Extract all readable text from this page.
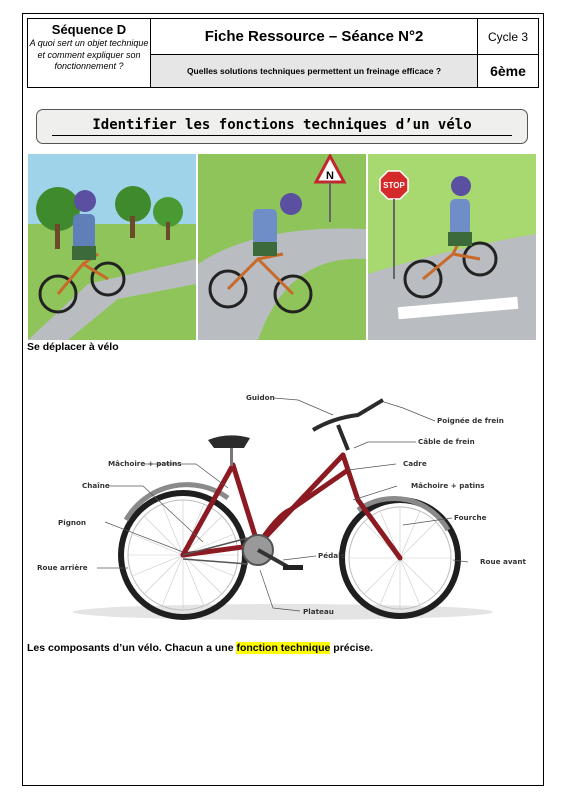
Séquence D
A quoi sert un objet technique et comment expliquer son fonctionnement ?
Fiche Ressource – Séance N°2
Quelles solutions techniques permettent un freinage efficace ?
Cycle 3
6ème
Identifier les fonctions techniques d’un vélo
N
STOP
Se déplacer à vélo
Guidon
Poignée de frein
Câble de frein
Cadre
Mâchoire + patins
Mâchoire + patins
Chaîne
Fourche
Pignon
Pédale
Roue arrière
Roue avant
Plateau
Les composants d’un vélo. Chacun a une fonction technique précise.
